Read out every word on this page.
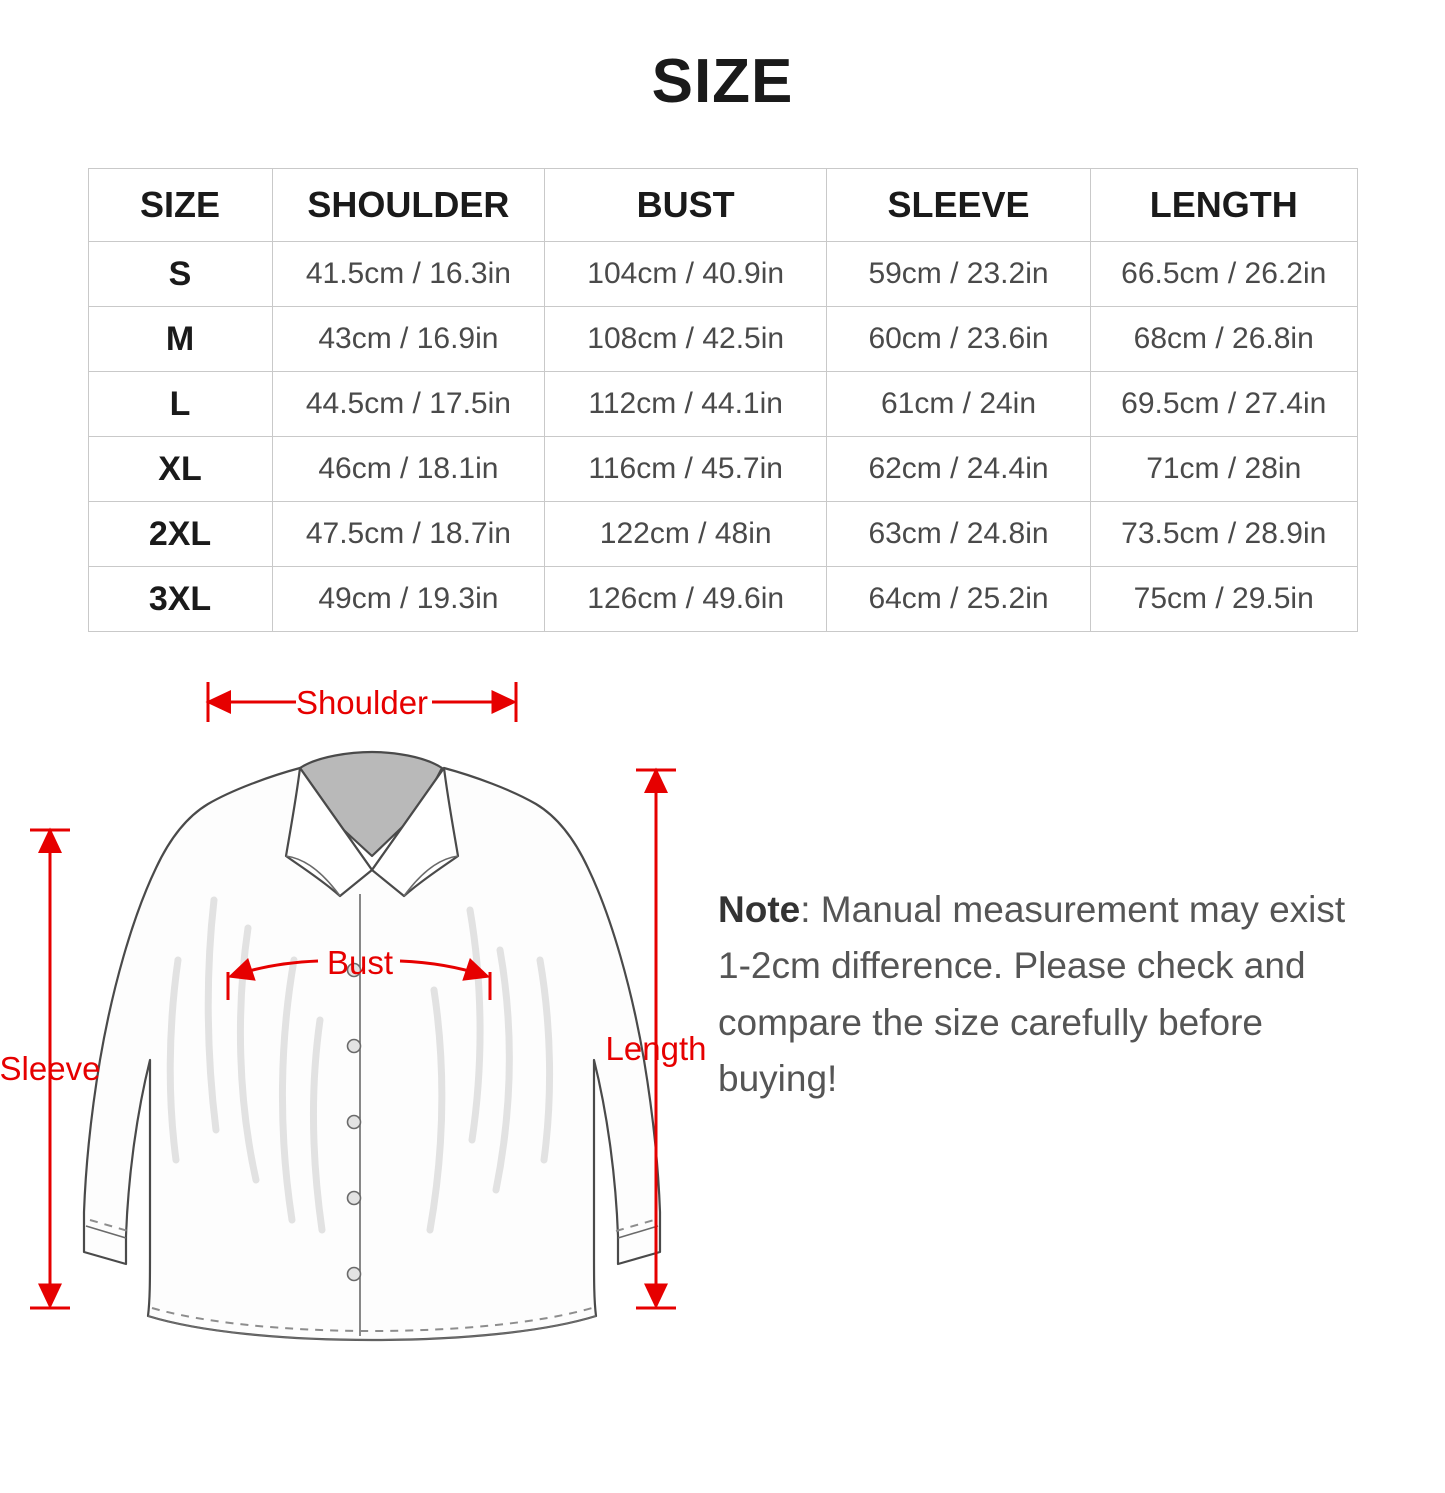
SIZE
SIZE	SHOULDER	BUST	SLEEVE	LENGTH
S	41.5cm / 16.3in	104cm / 40.9in	59cm / 23.2in	66.5cm / 26.2in
M	43cm / 16.9in	108cm / 42.5in	60cm / 23.6in	68cm / 26.8in
L	44.5cm / 17.5in	112cm / 44.1in	61cm / 24in	69.5cm / 27.4in
XL	46cm / 18.1in	116cm / 45.7in	62cm / 24.4in	71cm / 28in
2XL	47.5cm / 18.7in	122cm / 48in	63cm / 24.8in	73.5cm / 28.9in
3XL	49cm / 19.3in	126cm / 49.6in	64cm / 25.2in	75cm / 29.5in
Shoulder
Bust
Sleeve
Length
Note: Manual measurement may exist 1-2cm difference. Please check and compare the size carefully before buying!
